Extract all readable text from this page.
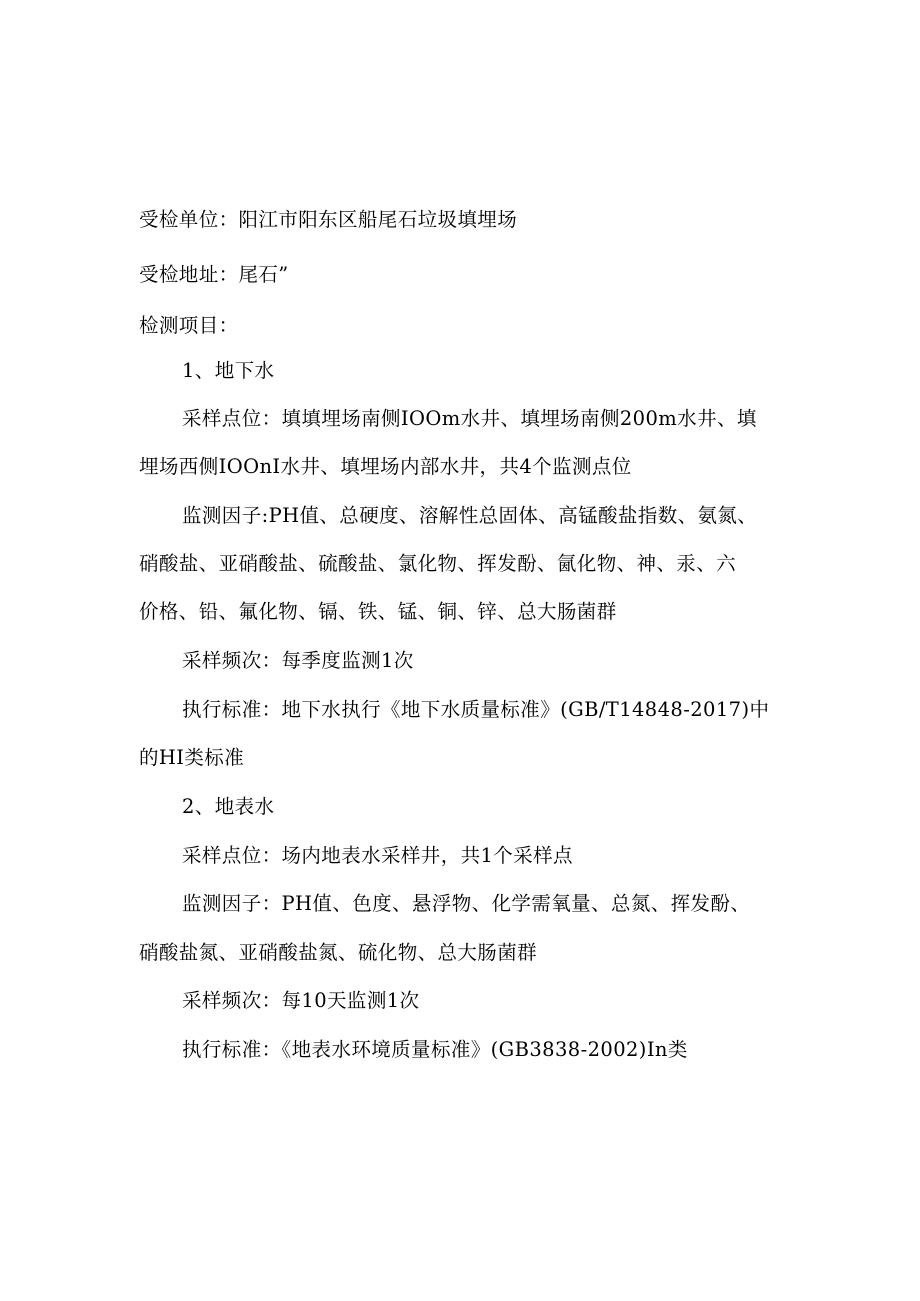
受检单位：阳江市阳东区船尾石垃圾填埋场
受检地址：尾石”
检测项目：
1、地下水
采样点位：填填埋场南侧IOOm水井、填埋场南侧200m水井、填
埋场西侧IOOnI水井、填埋场内部水井，共4个监测点位
监测因子:PH值、总硬度、溶解性总固体、高锰酸盐指数、氨氮、
硝酸盐、亚硝酸盐、硫酸盐、氯化物、挥发酚、氤化物、神、汞、六
价格、铅、氟化物、镉、铁、锰、铜、锌、总大肠菌群
采样频次：每季度监测1次
执行标准：地下水执行《地下水质量标准》(GB/T14848-2017)中
的HI类标准
2、地表水
采样点位：场内地表水采样井，共1个采样点
监测因子：PH值、色度、悬浮物、化学需氧量、总氮、挥发酚、
硝酸盐氮、亚硝酸盐氮、硫化物、总大肠菌群
采样频次：每10天监测1次
执行标准：《地表水环境质量标准》(GB3838-2002)In类
